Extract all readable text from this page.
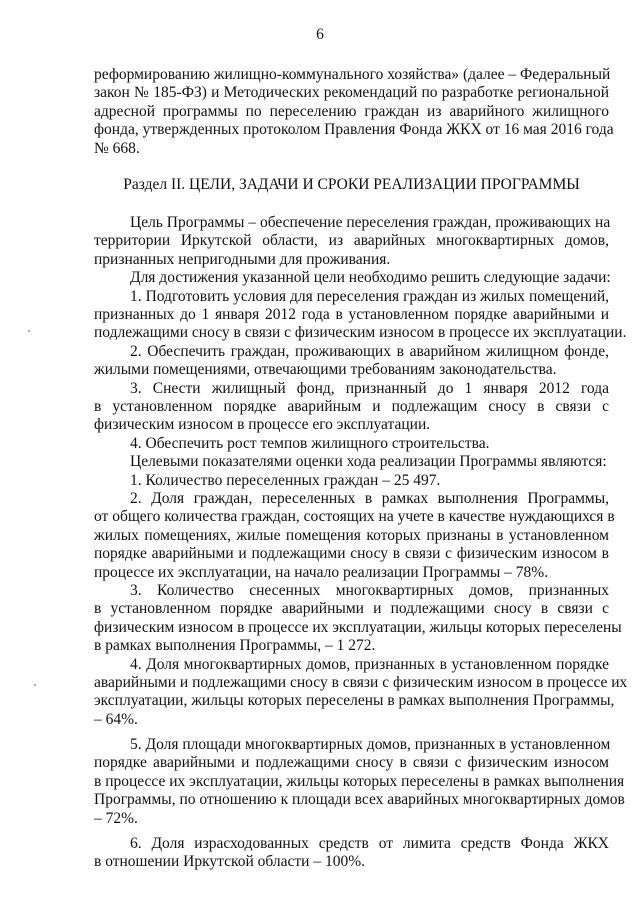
6
реформированию жилищно-коммунального хозяйства» (далее – Федеральный
закон № 185-ФЗ) и Методических рекомендаций по разработке региональной
адресной программы по переселению граждан из аварийного жилищного
фонда, утвержденных протоколом Правления Фонда ЖКХ от 16 мая 2016 года
№ 668.
Раздел II. ЦЕЛИ, ЗАДАЧИ И СРОКИ РЕАЛИЗАЦИИ ПРОГРАММЫ
Цель Программы – обеспечение переселения граждан, проживающих на
территории Иркутской области, из аварийных многоквартирных домов,
признанных непригодными для проживания.
Для достижения указанной цели необходимо решить следующие задачи:
1. Подготовить условия для переселения граждан из жилых помещений,
признанных до 1 января 2012 года в установленном порядке аварийными и
подлежащими сносу в связи с физическим износом в процессе их эксплуатации.
2. Обеспечить граждан, проживающих в аварийном жилищном фонде,
жилыми помещениями, отвечающими требованиям законодательства.
3. Снести жилищный фонд, признанный до 1 января 2012 года
в установленном порядке аварийным и подлежащим сносу в связи с
физическим износом в процессе его эксплуатации.
4. Обеспечить рост темпов жилищного строительства.
Целевыми показателями оценки хода реализации Программы являются:
1. Количество переселенных граждан – 25 497.
2. Доля граждан, переселенных в рамках выполнения Программы,
от общего количества граждан, состоящих на учете в качестве нуждающихся в
жилых помещениях, жилые помещения которых признаны в установленном
порядке аварийными и подлежащими сносу в связи с физическим износом в
процессе их эксплуатации, на начало реализации Программы – 78%.
3. Количество снесенных многоквартирных домов, признанных
в установленном порядке аварийными и подлежащими сносу в связи с
физическим износом в процессе их эксплуатации, жильцы которых переселены
в рамках выполнения Программы, – 1 272.
4. Доля многоквартирных домов, признанных в установленном порядке
аварийными и подлежащими сносу в связи с физическим износом в процессе их
эксплуатации, жильцы которых переселены в рамках выполнения Программы,
– 64%.
5. Доля площади многоквартирных домов, признанных в установленном
порядке аварийными и подлежащими сносу в связи с физическим износом
в процессе их эксплуатации, жильцы которых переселены в рамках выполнения
Программы, по отношению к площади всех аварийных многоквартирных домов
– 72%.
6. Доля израсходованных средств от лимита средств Фонда ЖКХ
в отношении Иркутской области – 100%.
